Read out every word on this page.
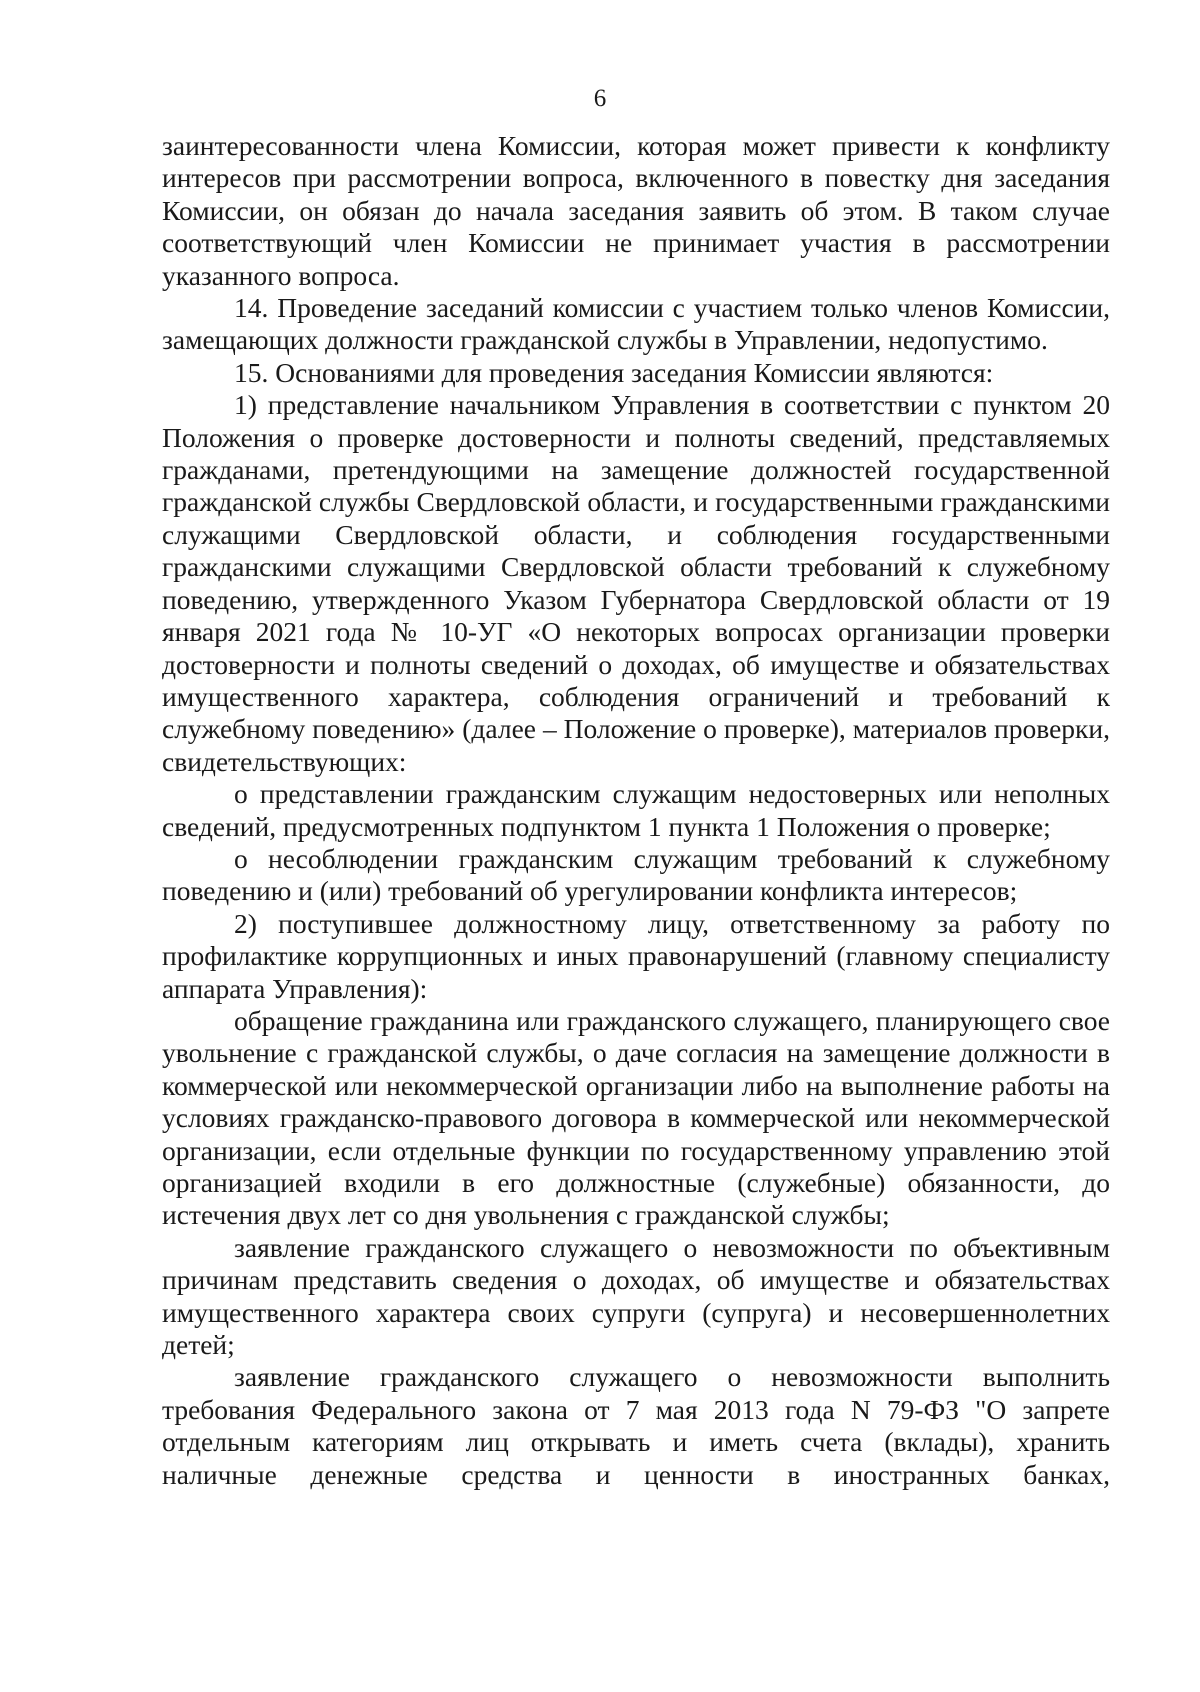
6

заинтересованности члена Комиссии, которая может привести к конфликту интересов при рассмотрении вопроса, включенного в повестку дня заседания Комиссии, он обязан до начала заседания заявить об этом. В таком случае соответствующий член Комиссии не принимает участия в рассмотрении указанного вопроса.

14. Проведение заседаний комиссии с участием только членов Комиссии, замещающих должности гражданской службы в Управлении, недопустимо.

15. Основаниями для проведения заседания Комиссии являются:

1) представление начальником Управления в соответствии с пунктом 20 Положения о проверке достоверности и полноты сведений, представляемых гражданами, претендующими на замещение должностей государственной гражданской службы Свердловской области, и государственными гражданскими служащими Свердловской области, и соблюдения государственными гражданскими служащими Свердловской области требований к служебному поведению, утвержденного Указом Губернатора Свердловской области от 19 января 2021 года № 10-УГ «О некоторых вопросах организации проверки достоверности и полноты сведений о доходах, об имуществе и обязательствах имущественного характера, соблюдения ограничений и требований к служебному поведению» (далее – Положение о проверке), материалов проверки, свидетельствующих:

о представлении гражданским служащим недостоверных или неполных сведений, предусмотренных подпунктом 1 пункта 1 Положения о проверке;

о несоблюдении гражданским служащим требований к служебному поведению и (или) требований об урегулировании конфликта интересов;

2) поступившее должностному лицу, ответственному за работу по профилактике коррупционных и иных правонарушений (главному специалисту аппарата Управления):

обращение гражданина или гражданского служащего, планирующего свое увольнение с гражданской службы, о даче согласия на замещение должности в коммерческой или некоммерческой организации либо на выполнение работы на условиях гражданско-правового договора в коммерческой или некоммерческой организации, если отдельные функции по государственному управлению этой организацией входили в его должностные (служебные) обязанности, до истечения двух лет со дня увольнения с гражданской службы;

заявление гражданского служащего о невозможности по объективным причинам представить сведения о доходах, об имуществе и обязательствах имущественного характера своих супруги (супруга) и несовершеннолетних детей;

заявление гражданского служащего о невозможности выполнить требования Федерального закона от 7 мая 2013 года N 79-ФЗ "О запрете отдельным категориям лиц открывать и иметь счета (вклады), хранить наличные денежные средства и ценности в иностранных банках,
